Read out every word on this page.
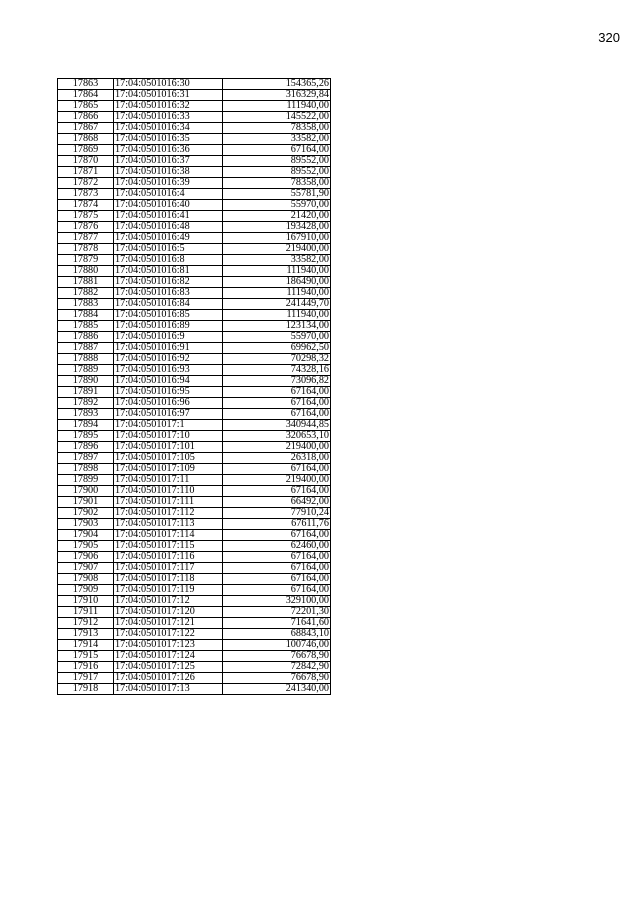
320
17863	17:04:0501016:30	154365,26
17864	17:04:0501016:31	316329,84
17865	17:04:0501016:32	111940,00
17866	17:04:0501016:33	145522,00
17867	17:04:0501016:34	78358,00
17868	17:04:0501016:35	33582,00
17869	17:04:0501016:36	67164,00
17870	17:04:0501016:37	89552,00
17871	17:04:0501016:38	89552,00
17872	17:04:0501016:39	78358,00
17873	17:04:0501016:4	55781,90
17874	17:04:0501016:40	55970,00
17875	17:04:0501016:41	21420,00
17876	17:04:0501016:48	193428,00
17877	17:04:0501016:49	167910,00
17878	17:04:0501016:5	219400,00
17879	17:04:0501016:8	33582,00
17880	17:04:0501016:81	111940,00
17881	17:04:0501016:82	186490,00
17882	17:04:0501016:83	111940,00
17883	17:04:0501016:84	241449,70
17884	17:04:0501016:85	111940,00
17885	17:04:0501016:89	123134,00
17886	17:04:0501016:9	55970,00
17887	17:04:0501016:91	69962,50
17888	17:04:0501016:92	70298,32
17889	17:04:0501016:93	74328,16
17890	17:04:0501016:94	73096,82
17891	17:04:0501016:95	67164,00
17892	17:04:0501016:96	67164,00
17893	17:04:0501016:97	67164,00
17894	17:04:0501017:1	340944,85
17895	17:04:0501017:10	320653,10
17896	17:04:0501017:101	219400,00
17897	17:04:0501017:105	26318,00
17898	17:04:0501017:109	67164,00
17899	17:04:0501017:11	219400,00
17900	17:04:0501017:110	67164,00
17901	17:04:0501017:111	66492,00
17902	17:04:0501017:112	77910,24
17903	17:04:0501017:113	67611,76
17904	17:04:0501017:114	67164,00
17905	17:04:0501017:115	62460,00
17906	17:04:0501017:116	67164,00
17907	17:04:0501017:117	67164,00
17908	17:04:0501017:118	67164,00
17909	17:04:0501017:119	67164,00
17910	17:04:0501017:12	329100,00
17911	17:04:0501017:120	72201,30
17912	17:04:0501017:121	71641,60
17913	17:04:0501017:122	68843,10
17914	17:04:0501017:123	100746,00
17915	17:04:0501017:124	76678,90
17916	17:04:0501017:125	72842,90
17917	17:04:0501017:126	76678,90
17918	17:04:0501017:13	241340,00
